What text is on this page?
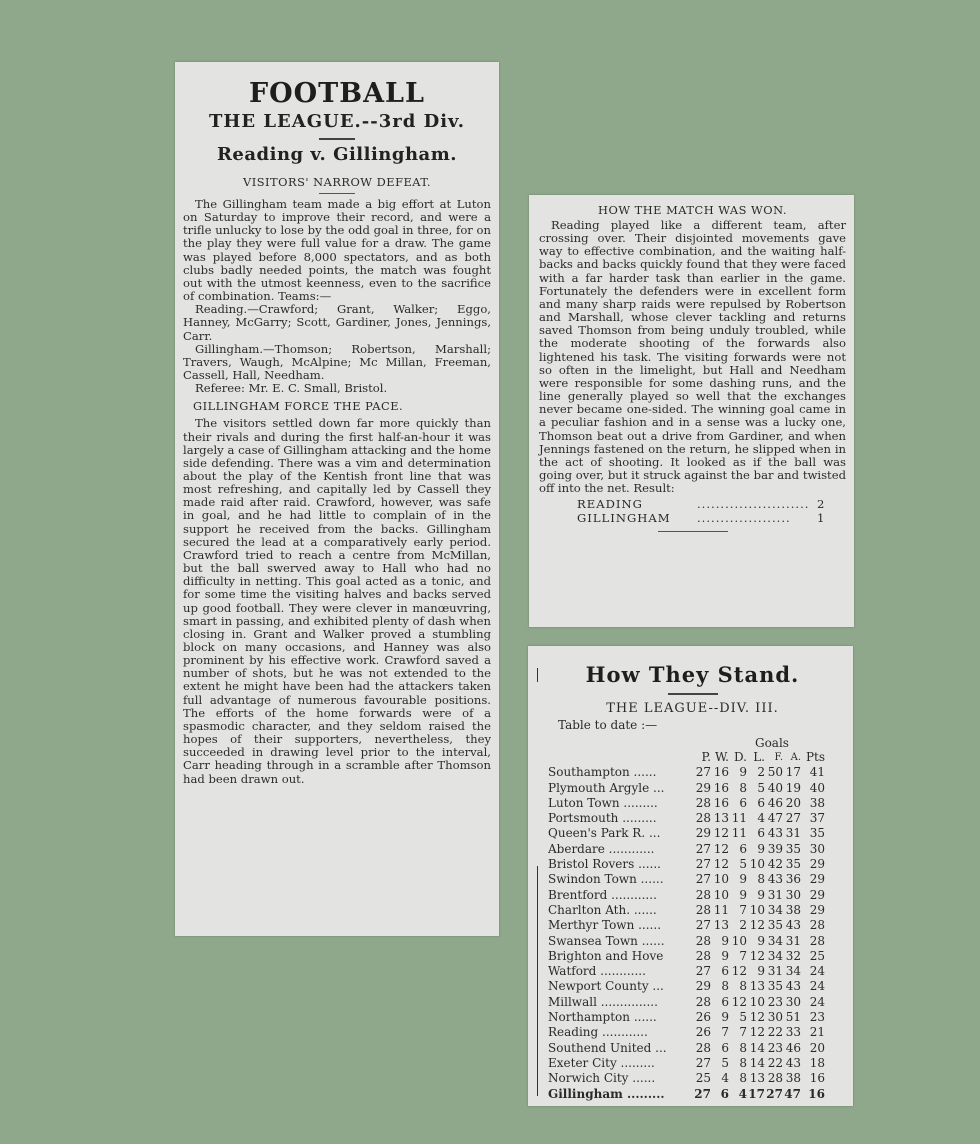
FOOTBALL
THE LEAGUE.--3rd Div.
Reading v. Gillingham.
VISITORS' NARROW DEFEAT.

The Gillingham team made a big effort at Luton on Saturday to improve their record, and were a trifle unlucky to lose by the odd goal in three, for on the play they were full value for a draw. The game was played before 8,000 spectators, and as both clubs badly needed points, the match was fought out with the utmost keenness, even to the sacrifice of combination. Teams:—

Reading.—Crawford; Grant, Walker; Eggo, Hanney, McGarry; Scott, Gardiner, Jones, Jennings, Carr.

Gillingham.—Thomson; Robertson, Marshall; Travers, Waugh, McAlpine; Mc Millan, Freeman, Cassell, Hall, Needham.

Referee: Mr. E. C. Small, Bristol.

GILLINGHAM FORCE THE PACE.

The visitors settled down far more quickly than their rivals and during the first half-an-hour it was largely a case of Gillingham attacking and the home side defending. There was a vim and determination about the play of the Kentish front line that was most refreshing, and capitally led by Cassell they made raid after raid. Crawford, however, was safe in goal, and he had little to complain of in the support he received from the backs. Gillingham secured the lead at a comparatively early period. Crawford tried to reach a centre from McMillan, but the ball swerved away to Hall who had no difficulty in netting. This goal acted as a tonic, and for some time the visiting halves and backs served up good football. They were clever in manœuvring, smart in passing, and exhibited plenty of dash when closing in. Grant and Walker proved a stumbling block on many occasions, and Hanney was also prominent by his effective work. Crawford saved a number of shots, but he was not extended to the extent he might have been had the attackers taken full advantage of numerous favourable positions. The efforts of the home forwards were of a spasmodic character, and they seldom raised the hopes of their supporters, nevertheless, they succeeded in drawing level prior to the interval, Carr heading through in a scramble after Thomson had been drawn out.

HOW THE MATCH WAS WON.

Reading played like a different team, after crossing over. Their disjointed movements gave way to effective combination, and the waiting half-backs and backs quickly found that they were faced with a far harder task than earlier in the game. Fortunately the defenders were in excellent form and many sharp raids were repulsed by Robertson and Marshall, whose clever tackling and returns saved Thomson from being unduly troubled, while the moderate shooting of the forwards also lightened his task. The visiting forwards were not so often in the limelight, but Hall and Needham were responsible for some dashing runs, and the line generally played so well that the exchanges never became one-sided. The winning goal came in a peculiar fashion and in a sense was a lucky one, Thomson beat out a drive from Gardiner, and when Jennings fastened on the return, he slipped when in the act of shooting. It looked as if the ball was going over, but it struck against the bar and twisted off into the net. Result:

READING	........................ 2
GILLINGHAM	....................	1
How They Stand.
THE LEAGUE--DIV. III.
Table to date :—
Goals
P. W. D. L. F. A. Pts
Southampton ......	27 16 9 2 50 17 41
Plymouth Argyle ...	29 16 8 5 40 19 40
Luton Town .........	28 16 6 6 46 20 38
Portsmouth .........	28 13 11 4 47 27 37
Queen's Park R. ...	29 12 11 6 43 31 35
Aberdare ............	27 12 6 9 39 35 30
Bristol Rovers ......	27 12 5 10 42 35 29
Swindon Town ......	27 10 9 8 43 36 29
Brentford ............	28 10 9 9 31 30 29
Charlton Ath. ......	28 11 7 10 34 38 29
Merthyr Town ......	27 13 2 12 35 43 28
Swansea Town ......	28 9 10 9 34 31 28
Brighton and Hove	28 9 7 12 34 32 25
Watford ............	27 6 12 9 31 34 24
Newport County ...	29 8 8 13 35 43 24
Millwall ...............	28 6 12 10 23 30 24
Northampton ......	26 9 5 12 30 51 23
Reading ............	26 7 7 12 22 33 21
Southend United ...	28 6 8 14 23 46 20
Exeter City .........	27 5 8 14 22 43 18
Norwich City ......	25 4 8 13 28 38 16
Gillingham .........	27 6 4 17 27 47 16
